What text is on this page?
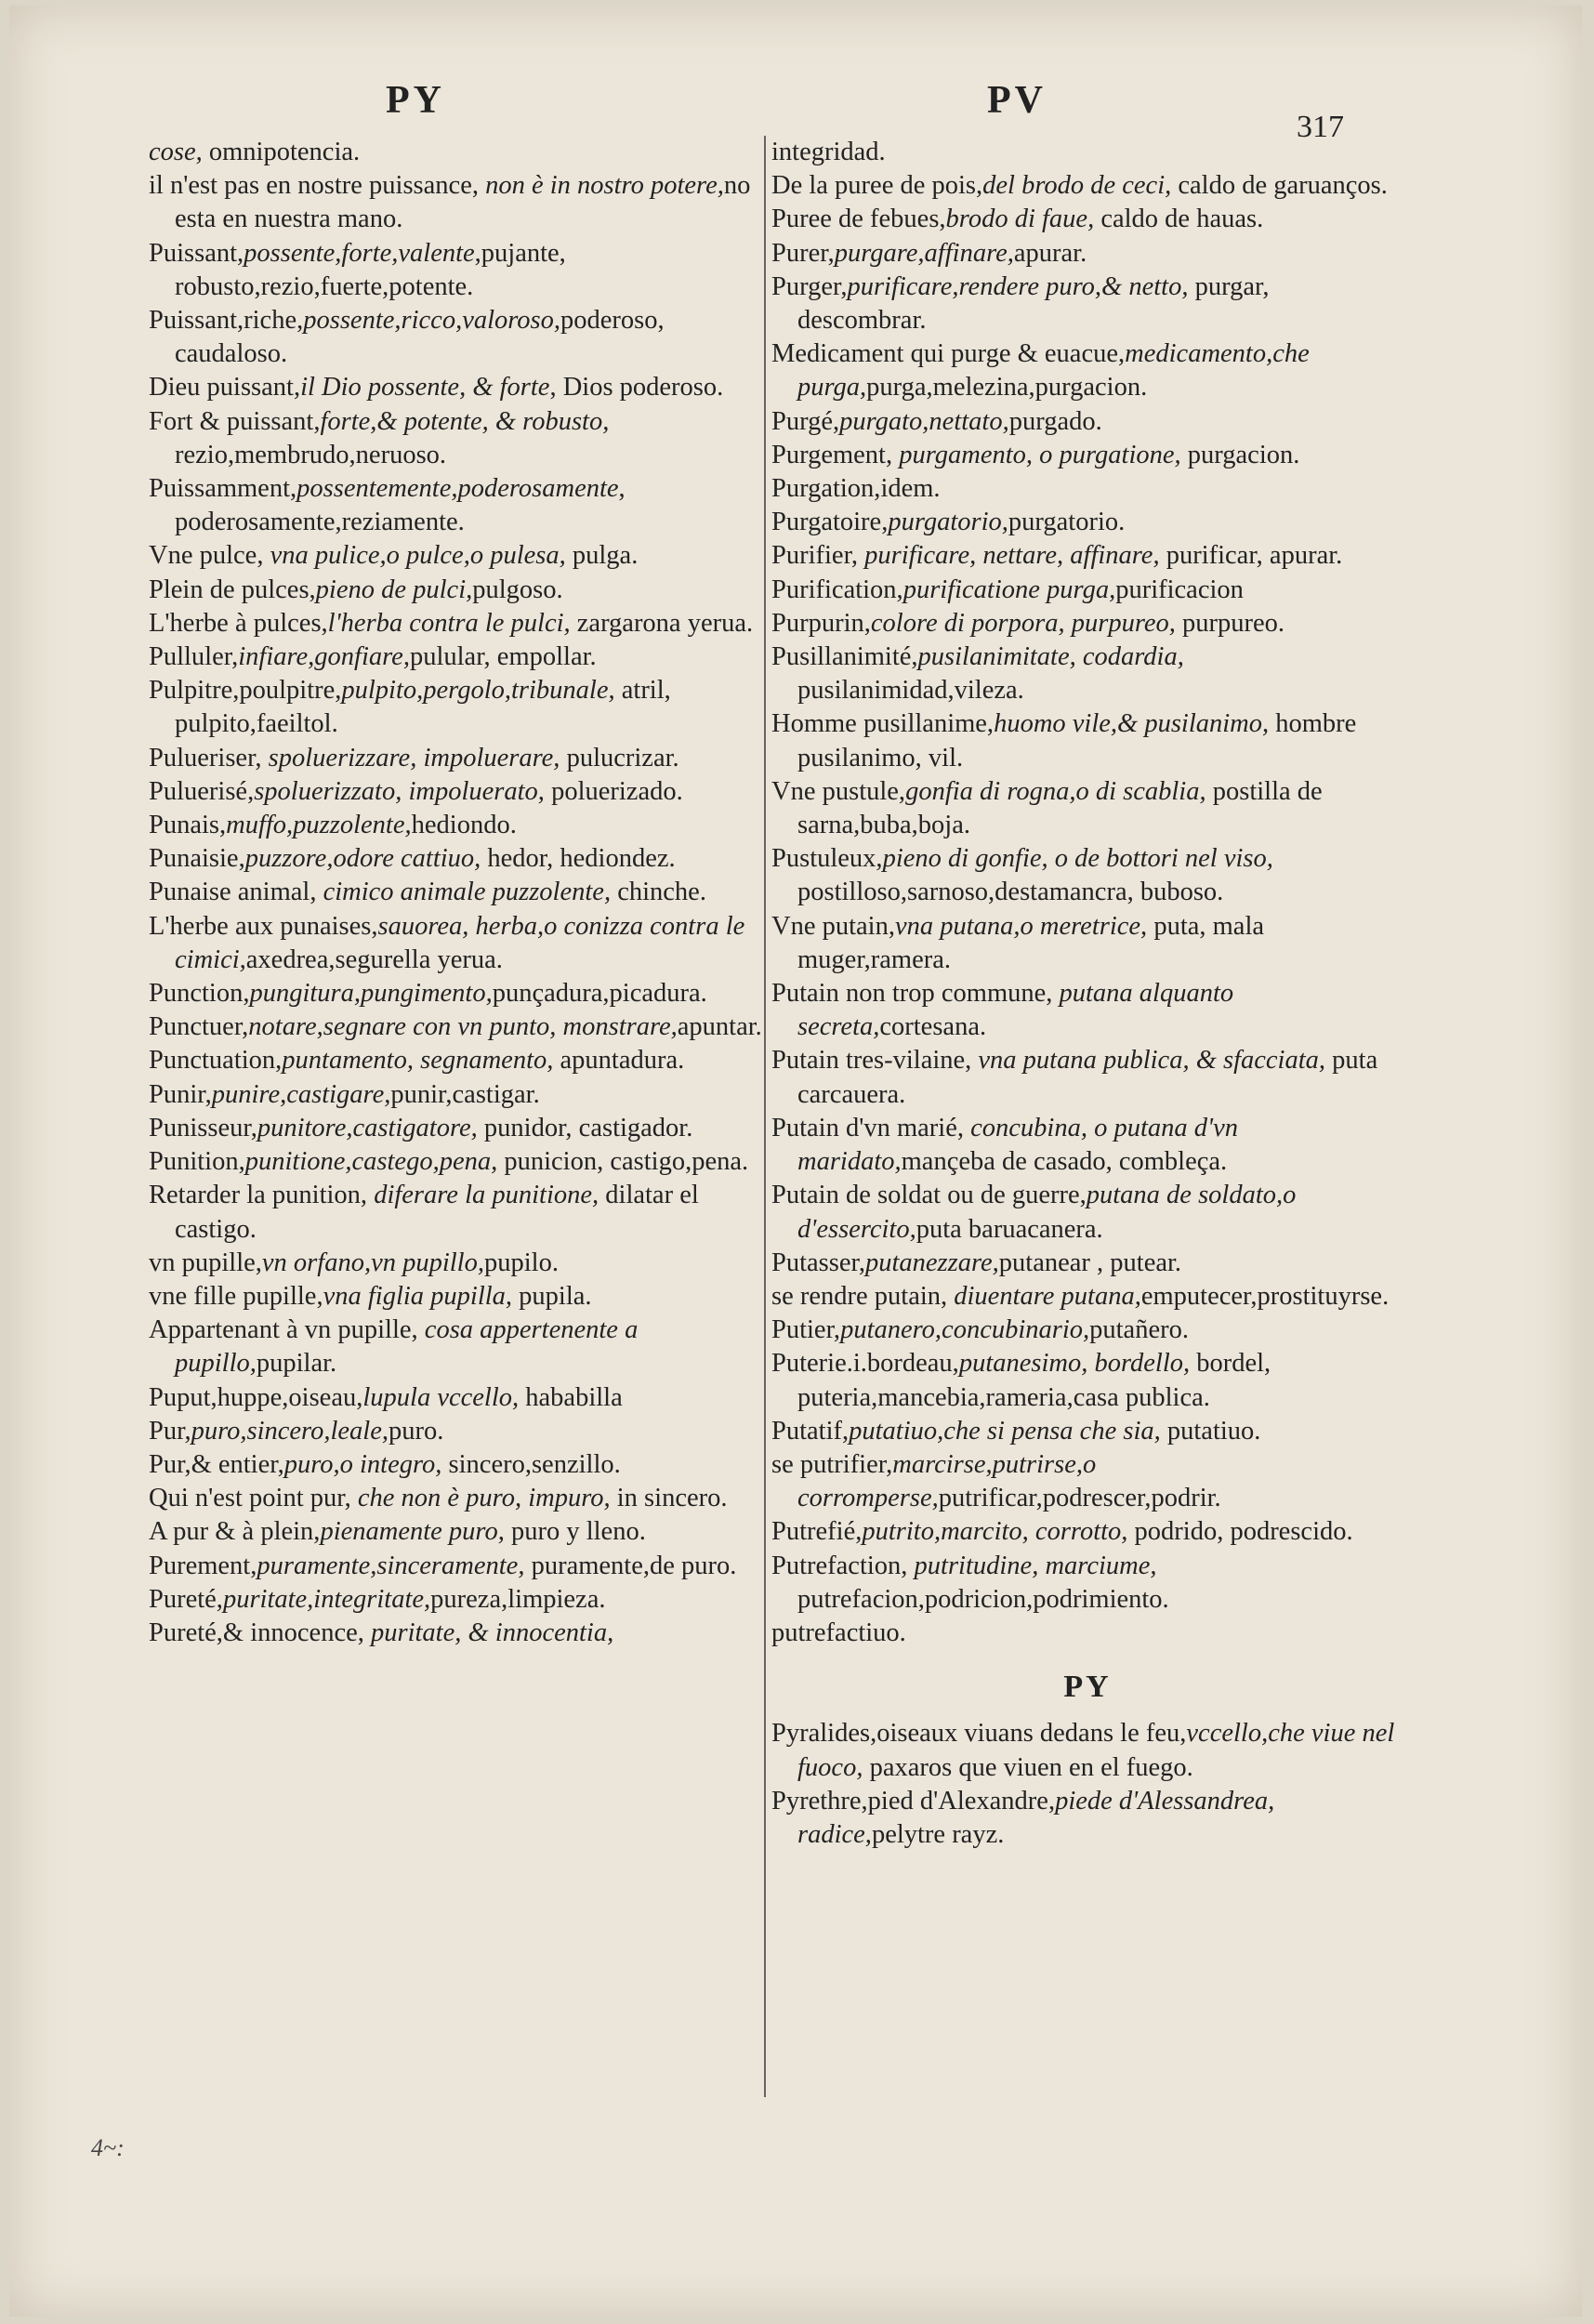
PY	PV
317
cose, omnipotencia.
il n'est pas en nostre puissance, non è in nostro potere,no esta en nuestra mano.
Puissant,possente,forte,valente,pujante, robusto,rezio,fuerte,potente.
Puissant,riche,possente,ricco,valoroso,poderoso, caudaloso.
Dieu puissant,il Dio possente, & forte, Dios poderoso.
Fort & puissant,forte,& potente, & robusto, rezio,membrudo,neruoso.
Puissamment,possentemente,poderosamente, poderosamente,reziamente.
Vne pulce, vna pulice,o pulce,o pulesa, pulga.
Plein de pulces,pieno de pulci,pulgoso.
L'herbe à pulces,l'herba contra le pulci, zargarona yerua.
Pulluler,infiare,gonfiare,pulular, empollar.
Pulpitre,poulpitre,pulpito,pergolo,tribunale, atril, pulpito,faeiltol.
Pulueriser, spoluerizzare, impoluerare, pulucrizar.
Puluerisé,spoluerizzato, impoluerato, poluerizado.
Punais,muffo,puzzolente,hediondo.
Punaisie,puzzore,odore cattiuo, hedor, hediondez.
Punaise animal, cimico animale puzzolente, chinche.
L'herbe aux punaises,sauorea, herba,o conizza contra le cimici,axedrea,segurella yerua.
Punction,pungitura,pungimento,punçadura,picadura.
Punctuer,notare,segnare con vn punto, monstrare,apuntar.
Punctuation,puntamento, segnamento, apuntadura.
Punir,punire,castigare,punir,castigar.
Punisseur,punitore,castigatore, punidor, castigador.
Punition,punitione,castego,pena, punicion, castigo,pena.
Retarder la punition, diferare la punitione, dilatar el castigo.
vn pupille,vn orfano,vn pupillo,pupilo.
vne fille pupille,vna figlia pupilla, pupila.
Appartenant à vn pupille, cosa appertenente a pupillo,pupilar.
Puput,huppe,oiseau,lupula vccello, hababilla
Pur,puro,sincero,leale,puro.
Pur,& entier,puro,o integro, sincero,senzillo.
Qui n'est point pur, che non è puro, impuro, in sincero.
A pur & à plein,pienamente puro, puro y lleno.
Purement,puramente,sinceramente, puramente,de puro.
Pureté,puritate,integritate,pureza,limpieza.
Pureté,& innocence, puritate, & innocentia,
integridad.
De la puree de pois,del brodo de ceci, caldo de garuanços.
Puree de febues,brodo di faue, caldo de hauas.
Purer,purgare,affinare,apurar.
Purger,purificare,rendere puro,& netto, purgar, descombrar.
Medicament qui purge & euacue,medicamento,che purga,purga,melezina,purgacion.
Purgé,purgato,nettato,purgado.
Purgement, purgamento, o purgatione, purgacion.
Purgation,idem.
Purgatoire,purgatorio,purgatorio.
Purifier, purificare, nettare, affinare, purificar, apurar.
Purification,purificatione purga,purificacion
Purpurin,colore di porpora, purpureo, purpureo.
Pusillanimité,pusilanimitate, codardia, pusilanimidad,vileza.
Homme pusillanime,huomo vile,& pusilanimo, hombre pusilanimo, vil.
Vne pustule,gonfia di rogna,o di scablia, postilla de sarna,buba,boja.
Pustuleux,pieno di gonfie, o de bottori nel viso, postilloso,sarnoso,destamancra, buboso.
Vne putain,vna putana,o meretrice, puta, mala muger,ramera.
Putain non trop commune, putana alquanto secreta,cortesana.
Putain tres-vilaine, vna putana publica, & sfacciata, puta carcauera.
Putain d'vn marié, concubina, o putana d'vn maridato,mançeba de casado, combleça.
Putain de soldat ou de guerre,putana de soldato,o d'essercito,puta baruacanera.
Putasser,putanezzare,putanear , putear.
se rendre putain, diuentare putana,emputecer,prostituyrse.
Putier,putanero,concubinario,putañero.
Puterie.i.bordeau,putanesimo, bordello, bordel, puteria,mancebia,rameria,casa publica.
Putatif,putatiuo,che si pensa che sia, putatiuo.
se putrifier,marcirse,putrirse,o corromperse,putrificar,podrescer,podrir.
Putrefié,putrito,marcito, corrotto, podrido, podrescido.
Putrefaction, putritudine, marciume, putrefacion,podricion,podrimiento.
putrefactiuo.
PY
Pyralides,oiseaux viuans dedans le feu,vccello,che viue nel fuoco, paxaros que viuen en el fuego.
Pyrethre,pied d'Alexandre,piede d'Alessandrea, radice,pelytre rayz.
4~:
